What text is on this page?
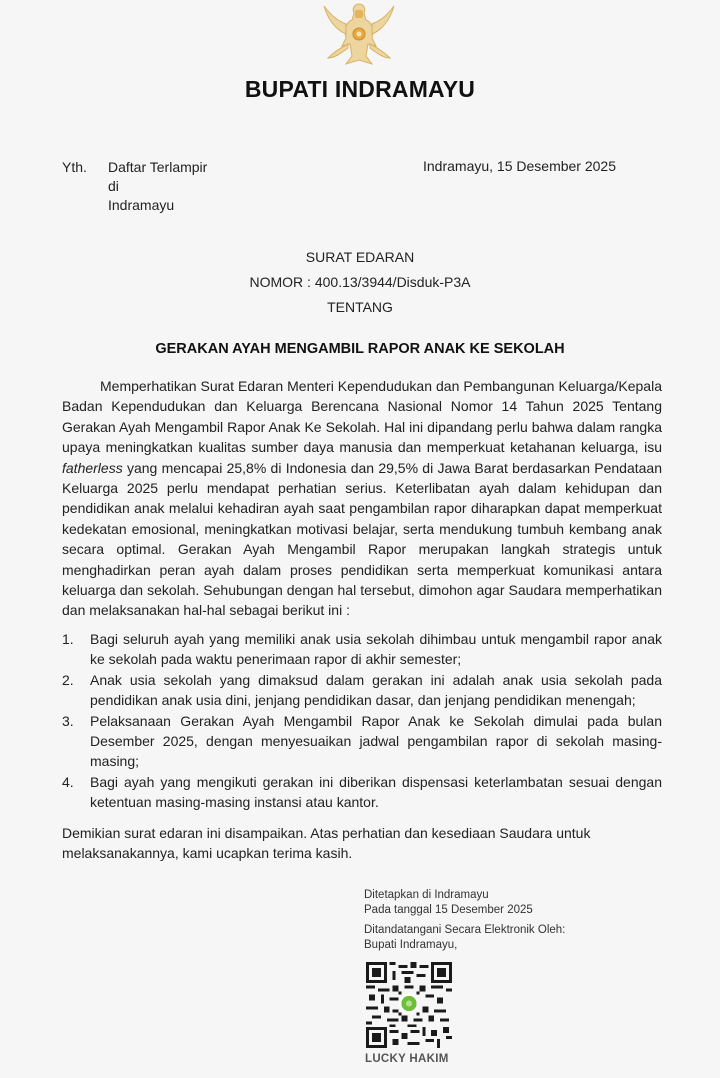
BUPATI INDRAMAYU
Yth. Daftar Terlampir
di
Indramayu
Indramayu, 15 Desember 2025
SURAT EDARAN
NOMOR : 400.13/3944/Disduk-P3A
TENTANG
GERAKAN AYAH MENGAMBIL RAPOR ANAK KE SEKOLAH

Memperhatikan Surat Edaran Menteri Kependudukan dan Pembangunan Keluarga/Kepala Badan Kependudukan dan Keluarga Berencana Nasional Nomor 14 Tahun 2025 Tentang Gerakan Ayah Mengambil Rapor Anak Ke Sekolah. Hal ini dipandang perlu bahwa dalam rangka upaya meningkatkan kualitas sumber daya manusia dan memperkuat ketahanan keluarga, isu fatherless yang mencapai 25,8% di Indonesia dan 29,5% di Jawa Barat berdasarkan Pendataan Keluarga 2025 perlu mendapat perhatian serius. Keterlibatan ayah dalam kehidupan dan pendidikan anak melalui kehadiran ayah saat pengambilan rapor diharapkan dapat memperkuat kedekatan emosional, meningkatkan motivasi belajar, serta mendukung tumbuh kembang anak secara optimal. Gerakan Ayah Mengambil Rapor merupakan langkah strategis untuk menghadirkan peran ayah dalam proses pendidikan serta memperkuat komunikasi antara keluarga dan sekolah. Sehubungan dengan hal tersebut, dimohon agar Saudara memperhatikan dan melaksanakan hal-hal sebagai berikut ini :

1. Bagi seluruh ayah yang memiliki anak usia sekolah dihimbau untuk mengambil rapor anak ke sekolah pada waktu penerimaan rapor di akhir semester;
2. Anak usia sekolah yang dimaksud dalam gerakan ini adalah anak usia sekolah pada pendidikan anak usia dini, jenjang pendidikan dasar, dan jenjang pendidikan menengah;
3. Pelaksanaan Gerakan Ayah Mengambil Rapor Anak ke Sekolah dimulai pada bulan Desember 2025, dengan menyesuaikan jadwal pengambilan rapor di sekolah masing-masing;
4. Bagi ayah yang mengikuti gerakan ini diberikan dispensasi keterlambatan sesuai dengan ketentuan masing-masing instansi atau kantor.

Demikian surat edaran ini disampaikan. Atas perhatian dan kesediaan Saudara untuk melaksanakannya, kami ucapkan terima kasih.

Ditetapkan di Indramayu
Pada tanggal 15 Desember 2025
Ditandatangani Secara Elektronik Oleh:
Bupati Indramayu,
LUCKY HAKIM
